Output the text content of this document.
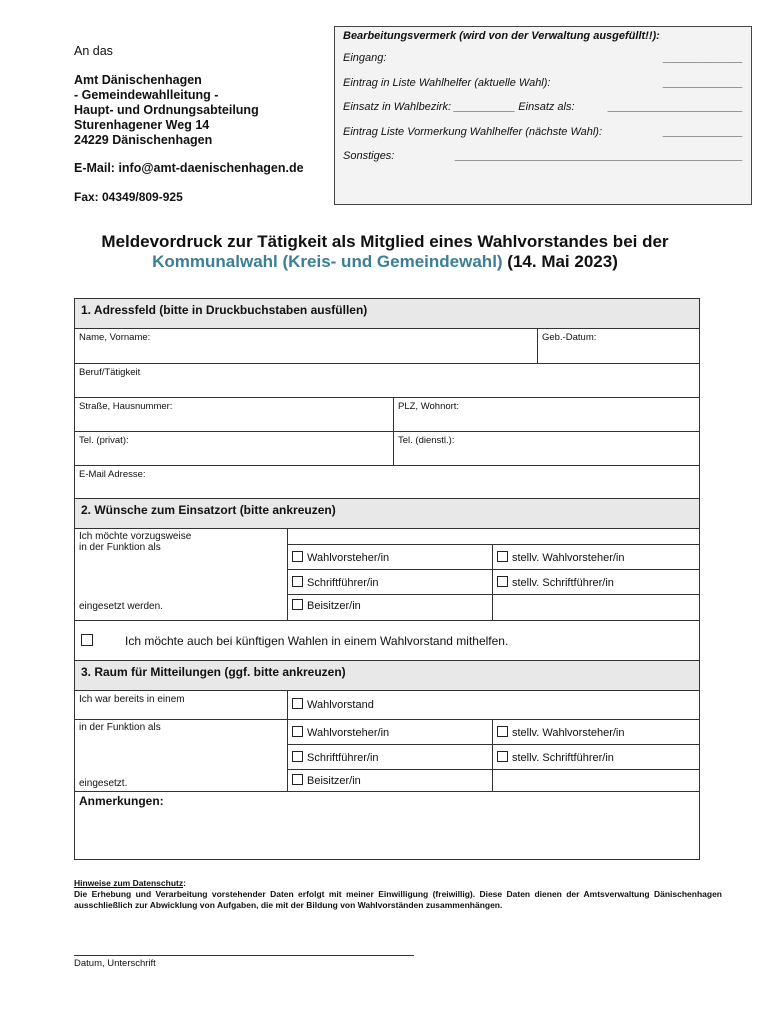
An das
Amt Dänischenhagen
- Gemeindewahlleitung -
Haupt- und Ordnungsabteilung
Sturenhagener Weg 14
24229 Dänischenhagen
E-Mail: info@amt-daenischenhagen.de
Fax: 04349/809-925
Bearbeitungsvermerk (wird von der Verwaltung ausgefüllt!!):
Eingang:	_____________
Eintrag in Liste Wahlhelfer (aktuelle Wahl):	_____________
Einsatz in Wahlbezirk: __________ Einsatz als:	______________________
Eintrag Liste Vormerkung Wahlhelfer (nächste Wahl):	_____________
Sonstiges:	_______________________________________________
Meldevordruck zur Tätigkeit als Mitglied eines Wahlvorstandes bei der
Kommunalwahl (Kreis- und Gemeindewahl) (14. Mai 2023)
1. Adressfeld (bitte in Druckbuchstaben ausfüllen)
Name, Vorname:	Geb.-Datum:
Beruf/Tätigkeit
Straße, Hausnummer:	PLZ, Wohnort:
Tel. (privat):	Tel. (dienstl.):
E-Mail Adresse:
2. Wünsche zum Einsatzort (bitte ankreuzen)
Ich möchte vorzugsweise
in der Funktion als
eingesetzt werden.
Wahlvorsteher/in	stellv. Wahlvorsteher/in
Schriftführer/in	stellv. Schriftführer/in
Beisitzer/in
Ich möchte auch bei künftigen Wahlen in einem Wahlvorstand mithelfen.
3. Raum für Mitteilungen (ggf. bitte ankreuzen)
Ich war bereits in einem	Wahlvorstand
in der Funktion als
eingesetzt.
Wahlvorsteher/in	stellv. Wahlvorsteher/in
Schriftführer/in	stellv. Schriftführer/in
Beisitzer/in
Anmerkungen:
Hinweise zum Datenschutz:
Die Erhebung und Verarbeitung vorstehender Daten erfolgt mit meiner Einwilligung (freiwillig). Diese Daten dienen der Amtsverwaltung Dänischenhagen ausschließlich zur Abwicklung von Aufgaben, die mit der Bildung von Wahlvorständen zusammenhängen.
Datum, Unterschrift
